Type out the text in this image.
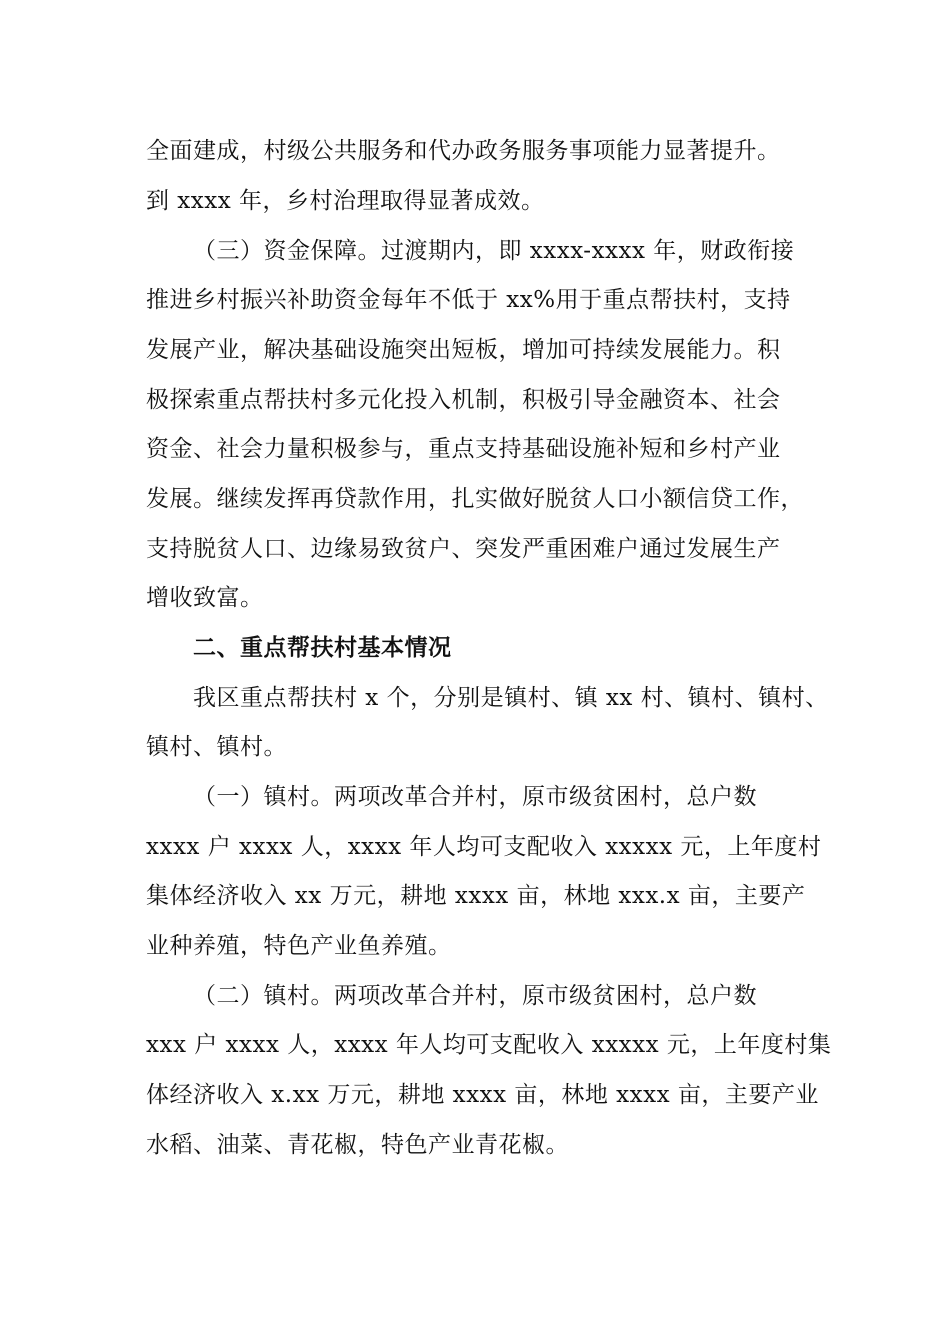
全面建成，村级公共服务和代办政务服务事项能力显著提升。
到 xxxx 年，乡村治理取得显著成效。
（三）资金保障。过渡期内，即 xxxx-xxxx 年，财政衔接
推进乡村振兴补助资金每年不低于 xx%用于重点帮扶村，支持
发展产业，解决基础设施突出短板，增加可持续发展能力。积
极探索重点帮扶村多元化投入机制，积极引导金融资本、社会
资金、社会力量积极参与，重点支持基础设施补短和乡村产业
发展。继续发挥再贷款作用，扎实做好脱贫人口小额信贷工作，
支持脱贫人口、边缘易致贫户、突发严重困难户通过发展生产
增收致富。
二、重点帮扶村基本情况
我区重点帮扶村 x 个，分别是镇村、镇 xx 村、镇村、镇村、
镇村、镇村。
（一）镇村。两项改革合并村，原市级贫困村，总户数
xxxx 户 xxxx 人，xxxx 年人均可支配收入 xxxxx 元，上年度村
集体经济收入 xx 万元，耕地 xxxx 亩，林地 xxx.x 亩，主要产
业种养殖，特色产业鱼养殖。
（二）镇村。两项改革合并村，原市级贫困村，总户数
xxx 户 xxxx 人，xxxx 年人均可支配收入 xxxxx 元，上年度村集
体经济收入 x.xx 万元，耕地 xxxx 亩，林地 xxxx 亩，主要产业
水稻、油菜、青花椒，特色产业青花椒。
